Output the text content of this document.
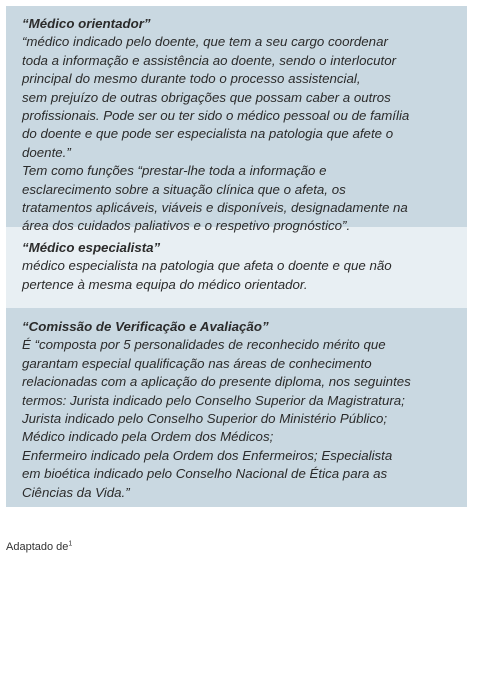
“Médico orientador”

“médico indicado pelo doente, que tem a seu cargo coordenar
toda a informação e assistência ao doente, sendo o interlocutor
principal do mesmo durante todo o processo assistencial,
sem prejuízo de outras obrigações que possam caber a outros
profissionais. Pode ser ou ter sido o médico pessoal ou de família
do doente e que pode ser especialista na patologia que afete o
doente.”
Tem como funções “prestar-lhe toda a informação e
esclarecimento sobre a situação clínica que o afeta, os
tratamentos aplicáveis, viáveis e disponíveis, designadamente na
área dos cuidados paliativos e o respetivo prognóstico”.

“Médico especialista”

médico especialista na patologia que afeta o doente e que não
pertence à mesma equipa do médico orientador.

“Comissão de Verificação e Avaliação”

É “composta por 5 personalidades de reconhecido mérito que
garantam especial qualificação nas áreas de conhecimento
relacionadas com a aplicação do presente diploma, nos seguintes
termos: Jurista indicado pelo Conselho Superior da Magistratura;
Jurista indicado pelo Conselho Superior do Ministério Público;
Médico indicado pela Ordem dos Médicos;
Enfermeiro indicado pela Ordem dos Enfermeiros; Especialista
em bioética indicado pelo Conselho Nacional de Ética para as
Ciências da Vida.”
Adaptado $de^1$
